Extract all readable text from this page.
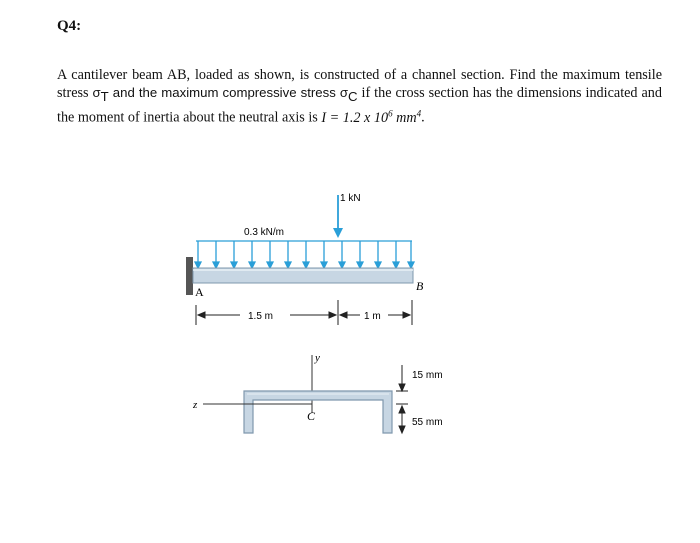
Q4:
A cantilever beam AB, loaded as shown, is constructed of a channel section. Find the maximum tensile stress $\sigma_T$ and the maximum compressive stress $\sigma_C$ if the cross section has the dimensions indicated and the moment of inertia about the neutral axis is I = 1.2 x $10^6$ $mm^4$.
1 kN
0.3 kN/m
A	B
1.5 m	1 m
y
z
C
15 mm
55 mm
